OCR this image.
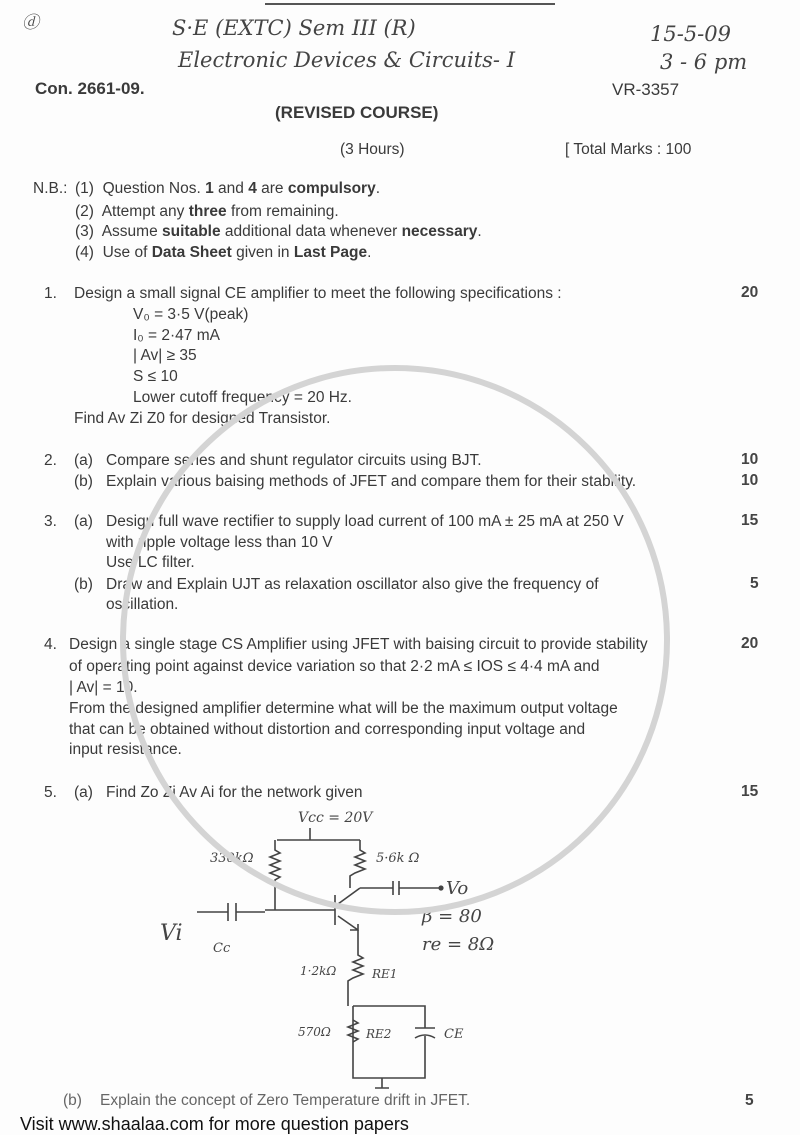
ⓓ	S·E (EXTC) Sem III (R)
Electronic Devices & Circuits- I
15-5-09
3 - 6 pm
Con. 2661-09.	VR-3357
(REVISED COURSE)
(3 Hours)	[ Total Marks : 100
N.B.: (1) Question Nos. 1 and 4 are compulsory.
(2) Attempt any three from remaining.
(3) Assume suitable additional data whenever necessary.
(4) Use of Data Sheet given in Last Page.
1. Design a small signal CE amplifier to meet the following specifications :	20
V₀ = 3·5 V(peak)
I₀ = 2·47 mA
| Av| ≥ 35
S ≤ 10
Lower cutoff frequency = 20 Hz.
Find Av Zi Z0 for designed Transistor.
2. (a) Compare series and shunt regulator circuits using BJT.	10
(b) Explain various baising methods of JFET and compare them for their stability.	10
3. (a) Design full wave rectifier to supply load current of 100 mA ± 25 mA at 250 V	15
with ripple voltage less than 10 V
Use LC filter.
(b) Draw and Explain UJT as relaxation oscillator also give the frequency of	5
oscillation.
4. Design a single stage CS Amplifier using JFET with baising circuit to provide stability	20
of operating point against device variation so that 2·2 mA ≤ IOS ≤ 4·4 mA and
| Av| = 10.
From the designed amplifier determine what will be the maximum output voltage
that can be obtained without distortion and corresponding input voltage and
input resistance.
5. (a) Find Zo Zi Av Ai for the network given	15
Vcc = 20V
330kΩ	5·6k Ω
Vo
Vi
Cc
β = 80
re = 8Ω
1·2kΩ	RE1
570Ω	RE2	CE
(b) Explain the concept of Zero Temperature drift in JFET.	5
Visit www.shaalaa.com for more question papers
